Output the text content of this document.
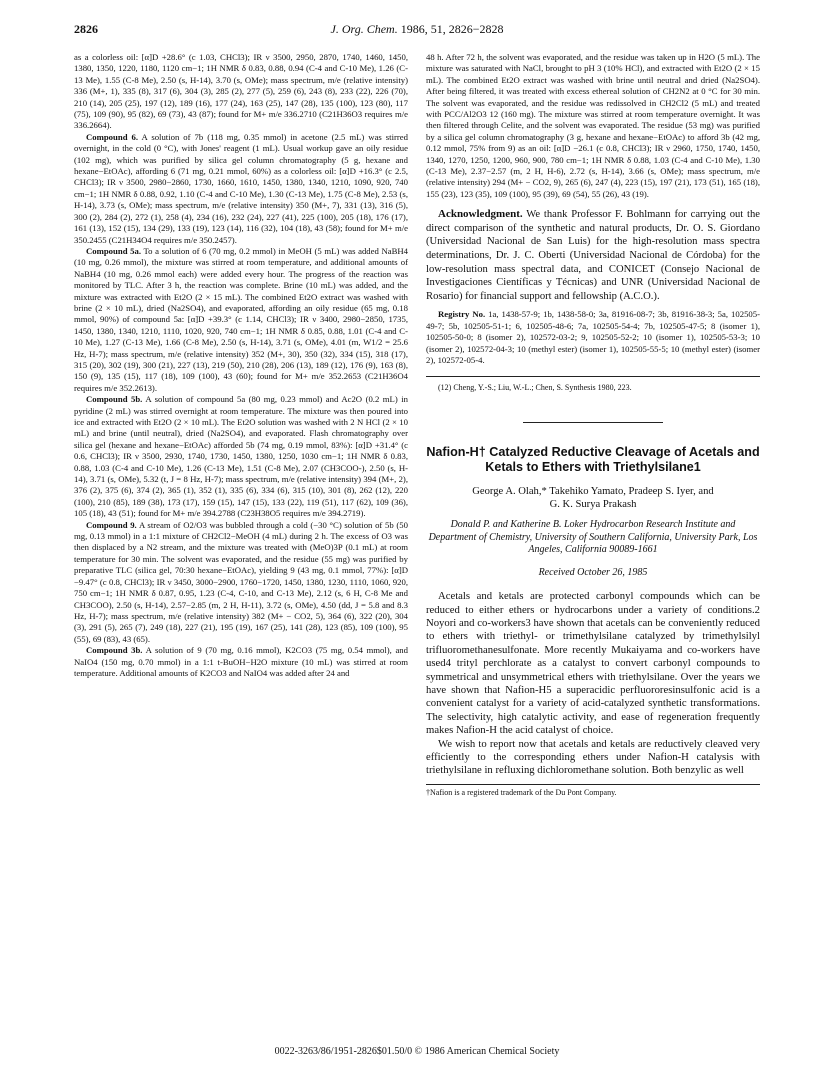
2826	J. Org. Chem. 1986, 51, 2826−2828

as a colorless oil: [α]D +28.6° (c 1.03, CHCl3); IR ν 3500, 2950, 2870, 1740, 1460, 1450, 1380, 1350, 1220, 1180, 1120 cm−1; 1H NMR δ 0.83, 0.88, 0.94 (C-4 and C-10 Me), 1.26 (C-13 Me), 1.55 (C-8 Me), 2.50 (s, H-14), 3.70 (s, OMe); mass spectrum, m/e (relative intensity) 336 (M+, 1), 335 (8), 317 (6), 304 (3), 285 (2), 277 (5), 259 (6), 243 (8), 233 (22), 226 (70), 210 (14), 205 (25), 197 (12), 189 (16), 177 (24), 163 (25), 147 (28), 135 (100), 123 (80), 117 (75), 109 (90), 95 (82), 69 (73), 43 (87); found for M+ m/e 336.2710 (C21H36O3 requires m/e 336.2664).

Compound 6. A solution of 7b (118 mg, 0.35 mmol) in acetone (2.5 mL) was stirred overnight, in the cold (0 °C), with Jones' reagent (1 mL). Usual workup gave an oily residue (102 mg), which was purified by silica gel column chromatography (5 g, hexane and hexane−EtOAc), affording 6 (71 mg, 0.21 mmol, 60%) as a colorless oil: [α]D +16.3° (c 2.5, CHCl3); IR ν 3500, 2980−2860, 1730, 1660, 1610, 1450, 1380, 1340, 1210, 1090, 920, 740 cm−1; 1H NMR δ 0.88, 0.92, 1.10 (C-4 and C-10 Me), 1.30 (C-13 Me), 1.75 (C-8 Me), 2.53 (s, H-14), 3.73 (s, OMe); mass spectrum, m/e (relative intensity) 350 (M+, 7), 331 (13), 316 (5), 300 (2), 284 (2), 272 (1), 258 (4), 234 (16), 232 (24), 227 (41), 225 (100), 205 (18), 176 (17), 161 (13), 152 (15), 134 (29), 133 (19), 123 (14), 116 (32), 104 (18), 43 (58); found for M+ m/e 350.2455 (C21H34O4 requires m/e 350.2457).

Compound 5a. To a solution of 6 (70 mg, 0.2 mmol) in MeOH (5 mL) was added NaBH4 (10 mg, 0.26 mmol), the mixture was stirred at room temperature, and additional amounts of NaBH4 (10 mg, 0.26 mmol each) were added every hour. The progress of the reaction was monitored by TLC. After 3 h, the reaction was complete. Brine (10 mL) was added, and the mixture was extracted with Et2O (2 × 15 mL). The combined Et2O extract was washed with brine (2 × 10 mL), dried (Na2SO4), and evaporated, affording an oily residue (65 mg, 0.18 mmol, 90%) of compound 5a: [α]D +39.3° (c 1.14, CHCl3); IR ν 3400, 2980−2850, 1735, 1450, 1380, 1340, 1210, 1110, 1020, 920, 740 cm−1; 1H NMR δ 0.85, 0.88, 1.01 (C-4 and C-10 Me), 1.27 (C-13 Me), 1.66 (C-8 Me), 2.50 (s, H-14), 3.71 (s, OMe), 4.01 (m, W1/2 = 25.6 Hz, H-7); mass spectrum, m/e (relative intensity) 352 (M+, 30), 350 (32), 334 (15), 318 (17), 315 (20), 302 (19), 300 (21), 227 (13), 219 (50), 210 (28), 206 (13), 189 (12), 176 (9), 163 (8), 150 (9), 135 (15), 117 (18), 109 (100), 43 (60); found for M+ m/e 352.2653 (C21H36O4 requires m/e 352.2613).

Compound 5b. A solution of compound 5a (80 mg, 0.23 mmol) and Ac2O (0.2 mL) in pyridine (2 mL) was stirred overnight at room temperature. The mixture was then poured into ice and extracted with Et2O (2 × 10 mL). The Et2O solution was washed with 2 N HCl (2 × 10 mL) and brine (until neutral), dried (Na2SO4), and evaporated. Flash chromatography over silica gel (hexane and hexane−EtOAc) afforded 5b (74 mg, 0.19 mmol, 83%): [α]D +31.4° (c 0.6, CHCl3); IR ν 3500, 2930, 1740, 1730, 1450, 1380, 1250, 1030 cm−1; 1H NMR δ 0.83, 0.88, 1.03 (C-4 and C-10 Me), 1.26 (C-13 Me), 1.51 (C-8 Me), 2.07 (CH3COO-), 2.50 (s, H-14), 3.71 (s, OMe), 5.32 (t, J = 8 Hz, H-7); mass spectrum, m/e (relative intensity) 394 (M+, 2), 376 (2), 375 (6), 374 (2), 365 (1), 352 (1), 335 (6), 334 (6), 315 (10), 301 (8), 262 (12), 220 (100), 210 (85), 189 (38), 173 (17), 159 (15), 147 (15), 133 (22), 119 (51), 117 (62), 109 (36), 105 (18), 43 (51); found for M+ m/e 394.2788 (C23H38O5 requires m/e 394.2719).

Compound 9. A stream of O2/O3 was bubbled through a cold (−30 °C) solution of 5b (50 mg, 0.13 mmol) in a 1:1 mixture of CH2Cl2−MeOH (4 mL) during 2 h. The excess of O3 was then displaced by a N2 stream, and the mixture was treated with (MeO)3P (0.1 mL) at room temperature for 30 min. The solvent was evaporated, and the residue (55 mg) was purified by preparative TLC (silica gel, 70:30 hexane−EtOAc), yielding 9 (43 mg, 0.1 mmol, 77%): [α]D −9.47° (c 0.8, CHCl3); IR ν 3450, 3000−2900, 1760−1720, 1450, 1380, 1230, 1110, 1060, 920, 750 cm−1; 1H NMR δ 0.87, 0.95, 1.23 (C-4, C-10, and C-13 Me), 2.12 (s, 6 H, C-8 Me and CH3COO), 2.50 (s, H-14), 2.57−2.85 (m, 2 H, H-11), 3.72 (s, OMe), 4.50 (dd, J = 5.8 and 8.3 Hz, H-7); mass spectrum, m/e (relative intensity) 382 (M+ − CO2, 5), 364 (6), 322 (20), 304 (3), 291 (5), 265 (7), 249 (18), 227 (21), 195 (19), 167 (25), 141 (28), 123 (85), 109 (100), 95 (55), 69 (83), 43 (65).

Compound 3b. A solution of 9 (70 mg, 0.16 mmol), K2CO3 (75 mg, 0.54 mmol), and NaIO4 (150 mg, 0.70 mmol) in a 1:1 t-BuOH−H2O mixture (10 mL) was stirred at room temperature. Additional amounts of K2CO3 and NaIO4 was added after 24 and

48 h. After 72 h, the solvent was evaporated, and the residue was taken up in H2O (5 mL). The mixture was saturated with NaCl, brought to pH 3 (10% HCl), and extracted with Et2O (2 × 15 mL). The combined Et2O extract was washed with brine until neutral and dried (Na2SO4). After being filtered, it was treated with excess ethereal solution of CH2N2 at 0 °C for 30 min. The solvent was evaporated, and the residue was redissolved in CH2Cl2 (5 mL) and treated with PCC/Al2O3 12 (160 mg). The mixture was stirred at room temperature overnight. It was then filtered through Celite, and the solvent was evaporated. The residue (53 mg) was purified by a silica gel column chromatography (3 g, hexane and hexane−EtOAc) to afford 3b (42 mg, 0.12 mmol, 75% from 9) as an oil: [α]D −26.1 (c 0.8, CHCl3); IR ν 2960, 1750, 1740, 1450, 1340, 1270, 1250, 1200, 960, 900, 780 cm−1; 1H NMR δ 0.88, 1.03 (C-4 and C-10 Me), 1.30 (C-13 Me), 2.37−2.57 (m, 2 H, H-6), 2.72 (s, H-14), 3.66 (s, OMe); mass spectrum, m/e (relative intensity) 294 (M+ − CO2, 9), 265 (6), 247 (4), 223 (15), 197 (21), 173 (51), 165 (18), 155 (23), 123 (35), 109 (100), 95 (39), 69 (54), 55 (26), 43 (19).

Acknowledgment. We thank Professor F. Bohlmann for carrying out the direct comparison of the synthetic and natural products, Dr. O. S. Giordano (Universidad Nacional de San Luis) for the high-resolution mass spectra determinations, Dr. J. C. Oberti (Universidad Nacional de Córdoba) for the low-resolution mass spectral data, and CONICET (Consejo Nacional de Investigaciones Científicas y Técnicas) and UNR (Universidad Nacional de Rosario) for financial support and fellowship (A.C.O.).

Registry No. 1a, 1438-57-9; 1b, 1438-58-0; 3a, 81916-08-7; 3b, 81916-38-3; 5a, 102505-49-7; 5b, 102505-51-1; 6, 102505-48-6; 7a, 102505-54-4; 7b, 102505-47-5; 8 (isomer 1), 102505-50-0; 8 (isomer 2), 102572-03-2; 9, 102505-52-2; 10 (isomer 1), 102505-53-3; 10 (isomer 2), 102572-04-3; 10 (methyl ester) (isomer 1), 102505-55-5; 10 (methyl ester) (isomer 2), 102572-05-4.

(12) Cheng, Y.-S.; Liu, W.-L.; Chen, S. Synthesis 1980, 223.

Nafion-H† Catalyzed Reductive Cleavage of Acetals and Ketals to Ethers with Triethylsilane1
George A. Olah,* Takehiko Yamato, Pradeep S. Iyer, and
G. K. Surya Prakash
Donald P. and Katherine B. Loker Hydrocarbon Research Institute and Department of Chemistry, University of Southern California, University Park, Los Angeles, California 90089-1661
Received October 26, 1985

Acetals and ketals are protected carbonyl compounds which can be reduced to either ethers or hydrocarbons under a variety of conditions.2 Noyori and co-workers3 have shown that acetals can be conveniently reduced to ethers with triethyl- or trimethylsilane catalyzed by trimethylsilyl trifluoromethanesulfonate. More recently Mukaiyama and co-workers have used4 trityl perchlorate as a catalyst to convert carbonyl compounds to symmetrical and unsymmetrical ethers with triethylsilane. Over the years we have shown that Nafion-H5 a superacidic perfluororesinsulfonic acid is a convenient catalyst for a variety of acid-catalyzed synthetic transformations. The selectivity, high catalytic activity, and ease of regeneration frequently makes Nafion-H the acid catalyst of choice.

We wish to report now that acetals and ketals are reductively cleaved very efficiently to the corresponding ethers under Nafion-H catalysis with triethylsilane in refluxing dichloromethane solution. Both benzylic as well

†Nafion is a registered trademark of the Du Pont Company.
0022-3263/86/1951-2826$01.50/0 © 1986 American Chemical Society
